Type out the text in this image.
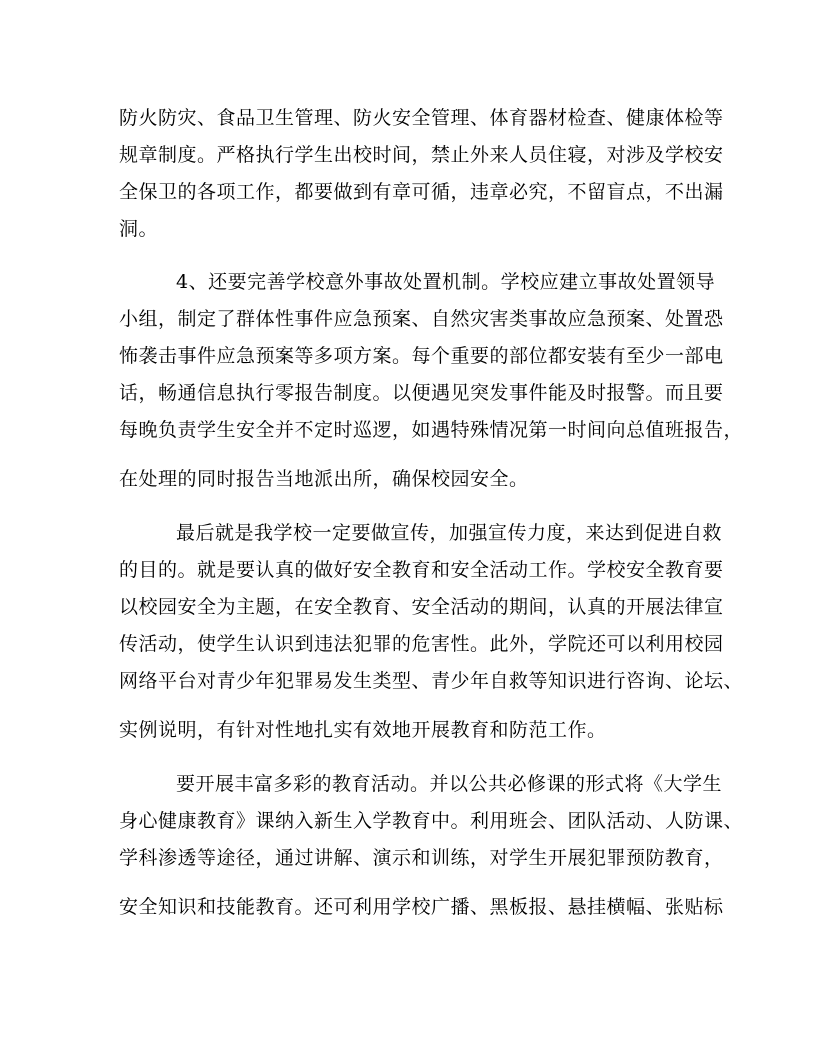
防火防灾、食品卫生管理、防火安全管理、体育器材检查、健康体检等
规章制度。严格执行学生出校时间，禁止外来人员住寝，对涉及学校安
全保卫的各项工作，都要做到有章可循，违章必究，不留盲点，不出漏
洞。
4、还要完善学校意外事故处置机制。学校应建立事故处置领导
小组，制定了群体性事件应急预案、自然灾害类事故应急预案、处置恐
怖袭击事件应急预案等多项方案。每个重要的部位都安装有至少一部电
话，畅通信息执行零报告制度。以便遇见突发事件能及时报警。而且要
每晚负责学生安全并不定时巡逻，如遇特殊情况第一时间向总值班报告，
在处理的同时报告当地派出所，确保校园安全。
最后就是我学校一定要做宣传，加强宣传力度，来达到促进自救
的目的。就是要认真的做好安全教育和安全活动工作。学校安全教育要
以校园安全为主题，在安全教育、安全活动的期间，认真的开展法律宣
传活动，使学生认识到违法犯罪的危害性。此外，学院还可以利用校园
网络平台对青少年犯罪易发生类型、青少年自救等知识进行咨询、论坛、
实例说明，有针对性地扎实有效地开展教育和防范工作。
要开展丰富多彩的教育活动。并以公共必修课的形式将《大学生
身心健康教育》课纳入新生入学教育中。利用班会、团队活动、人防课、
学科渗透等途径，通过讲解、演示和训练，对学生开展犯罪预防教育，
安全知识和技能教育。还可利用学校广播、黑板报、悬挂横幅、张贴标
